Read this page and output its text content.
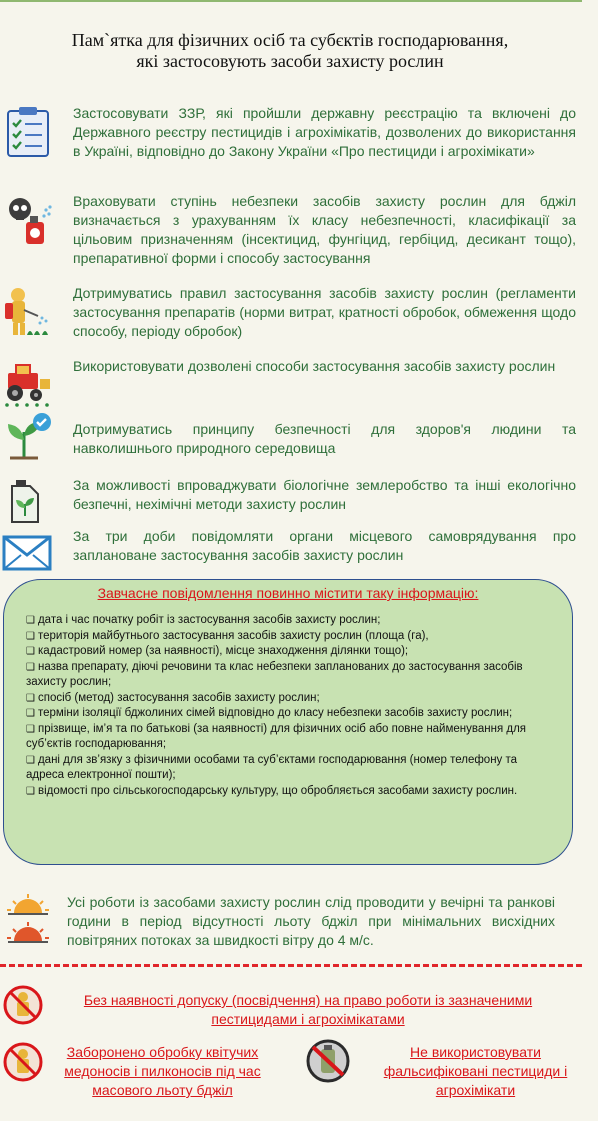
Пам`ятка для фізичних осіб та субєктів господарювання,
які застосовують засоби захисту рослин
Застосовувати ЗЗР, які пройшли державну реєстрацію та включені до Державного реєстру пестицидів і агрохімікатів, дозволених до використання в Україні, відповідно до Закону України «Про пестициди і агрохімікати»
Враховувати ступінь небезпеки засобів захисту рослин для бджіл визначається з урахуванням їх класу небезпечності, класифікації за цільовим призначенням (інсектицид, фунгіцид, гербіцид, десикант тощо), препаративної форми і способу застосування
Дотримуватись правил застосування засобів захисту рослин (регламенти застосування препаратів (норми витрат, кратності обробок, обмеження щодо способу, періоду обробок)
Використовувати дозволені способи застосування засобів захисту рослин
Дотримуватись принципу безпечності для здоров'я людини та навколишнього природного середовища
За можливості впроваджувати біологічне землеробство та інші екологічно безпечні, нехімічні методи захисту рослин
За три доби повідомляти органи місцевого самоврядування про заплановане застосування засобів захисту рослин
Завчасне повідомлення повинно містити таку інформацію:
❑ дата і час початку робіт із застосування засобів захисту рослин;
❑ територія майбутнього застосування засобів захисту рослин (площа (га),
❑ кадастровий номер (за наявності), місце знаходження ділянки тощо);
❑ назва препарату, діючі речовини та клас небезпеки запланованих до застосування засобів захисту рослин;
❑ спосіб (метод) застосування засобів захисту рослин;
❑ терміни ізоляції бджолиних сімей відповідно до класу небезпеки засобів захисту рослин;
❑ прізвище, ім’я та по батькові (за наявності) для фізичних осіб або повне найменування для суб’єктів господарювання;
❑ дані для зв’язку з фізичними особами та суб’єктами господарювання (номер телефону та адреса електронної пошти);
❑ відомості про сільськогосподарську культуру, що обробляється засобами захисту рослин.
Усі роботи із засобами захисту рослин слід проводити у вечірні та ранкові години в період відсутності льоту бджіл при мінімальних висхідних повітряних потоках за швидкості вітру до 4 м/с.
Без наявності допуску (посвідчення) на право роботи із зазначеними пестицидами і агрохімікатами
Заборонено обробку квітучих медоносів і пилконосів під час масового льоту бджіл
Не використовувати фальсифіковані пестициди і агрохімікати
